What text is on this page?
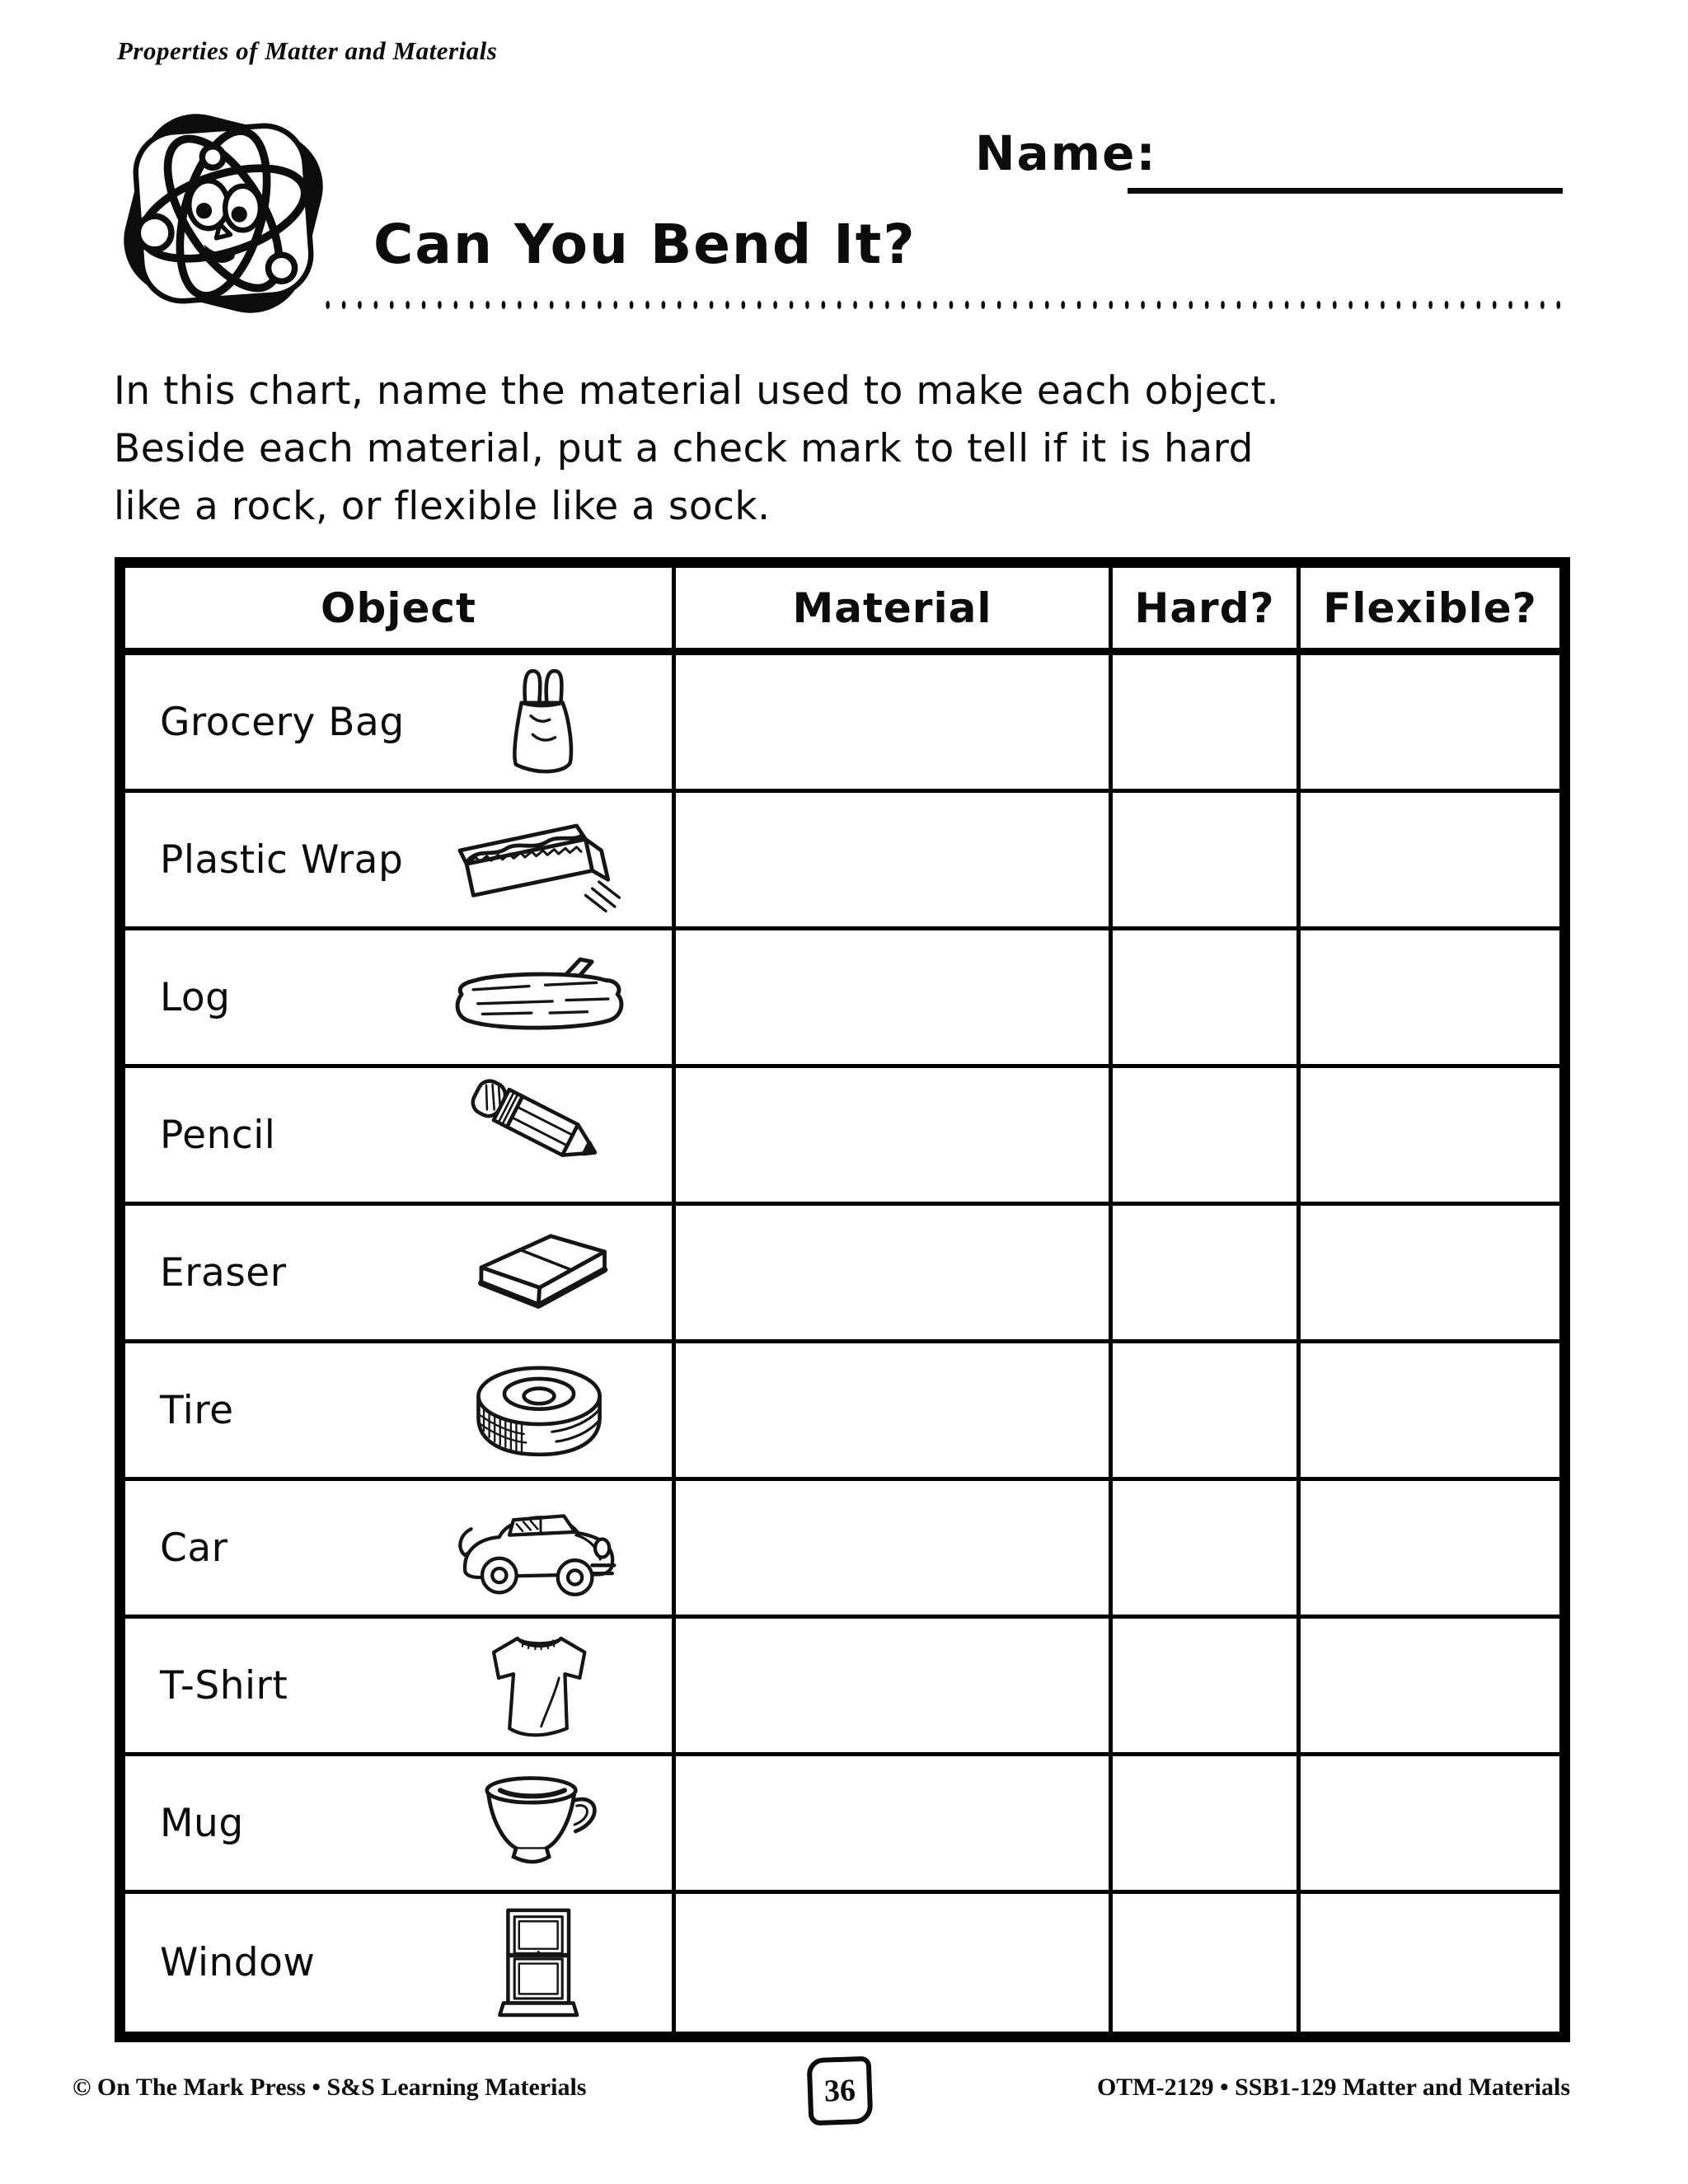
Properties of Matter and Materials
Name:
Can You Bend It?
In this chart, name the material used to make each object.
Beside each material, put a check mark to tell if it is hard
like a rock, or flexible like a sock.
Object	Material	Hard?	Flexible?
Grocery Bag
Plastic Wrap
Log
Pencil
Eraser
Tire
Car
T-Shirt
Mug
Window
© On The Mark Press • S&S Learning Materials	36	OTM-2129 • SSB1-129 Matter and Materials
